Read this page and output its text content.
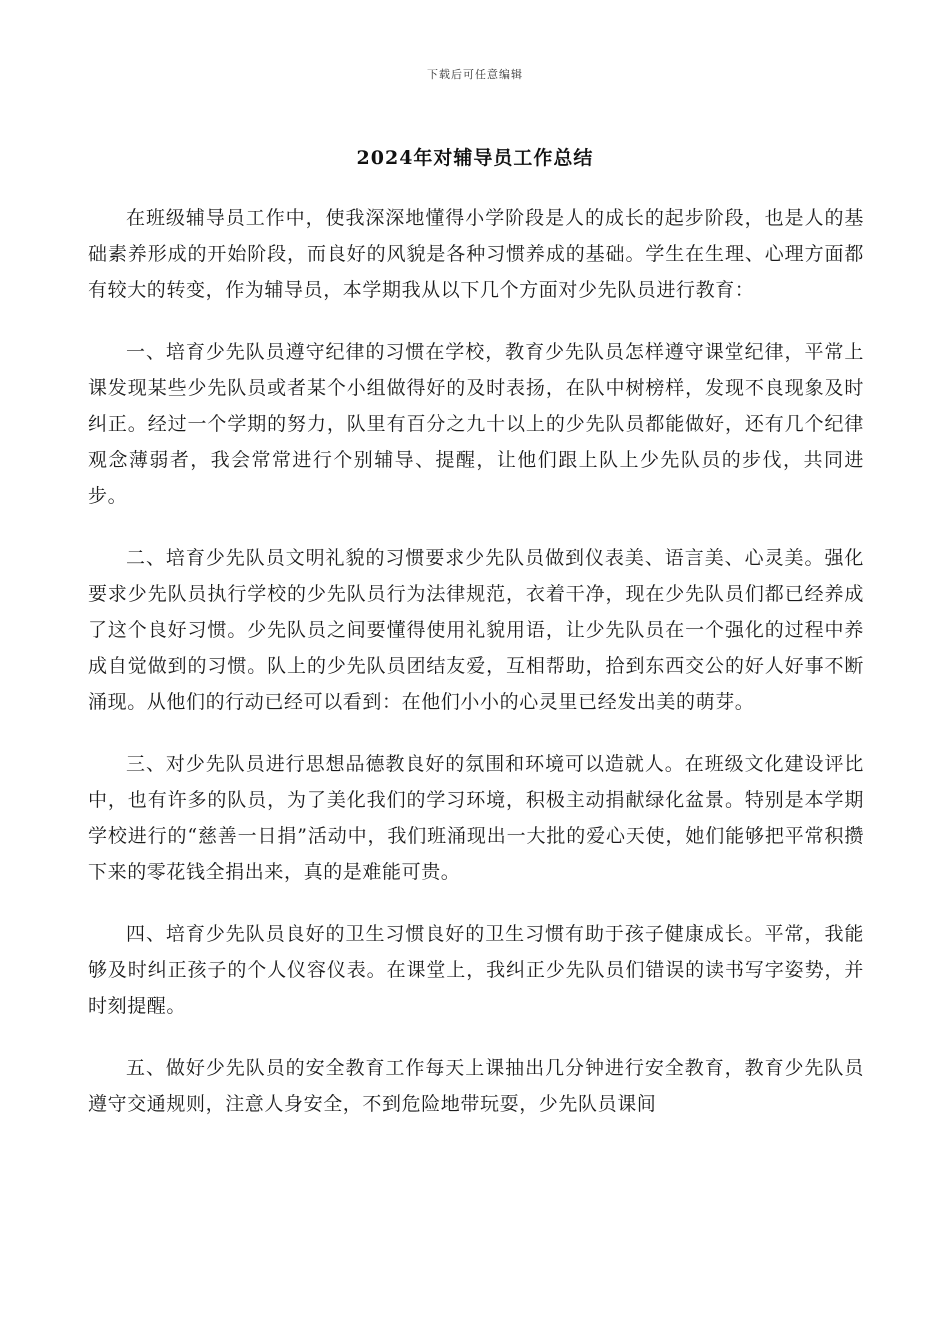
下载后可任意编辑
2024年对辅导员工作总结

在班级辅导员工作中，使我深深地懂得小学阶段是人的成长的起步阶段，也是人的基础素养形成的开始阶段，而良好的风貌是各种习惯养成的基础。学生在生理、心理方面都有较大的转变，作为辅导员，本学期我从以下几个方面对少先队员进行教育：

一、培育少先队员遵守纪律的习惯在学校，教育少先队员怎样遵守课堂纪律，平常上课发现某些少先队员或者某个小组做得好的及时表扬，在队中树榜样，发现不良现象及时纠正。经过一个学期的努力，队里有百分之九十以上的少先队员都能做好，还有几个纪律观念薄弱者，我会常常进行个别辅导、提醒，让他们跟上队上少先队员的步伐，共同进步。

二、培育少先队员文明礼貌的习惯要求少先队员做到仪表美、语言美、心灵美。强化要求少先队员执行学校的少先队员行为法律规范，衣着干净，现在少先队员们都已经养成了这个良好习惯。少先队员之间要懂得使用礼貌用语，让少先队员在一个强化的过程中养成自觉做到的习惯。队上的少先队员团结友爱，互相帮助，拾到东西交公的好人好事不断涌现。从他们的行动已经可以看到：在他们小小的心灵里已经发出美的萌芽。

三、对少先队员进行思想品德教良好的氛围和环境可以造就人。在班级文化建设评比中，也有许多的队员，为了美化我们的学习环境，积极主动捐献绿化盆景。特别是本学期学校进行的“慈善一日捐”活动中，我们班涌现出一大批的爱心天使，她们能够把平常积攒下来的零花钱全捐出来，真的是难能可贵。

四、培育少先队员良好的卫生习惯良好的卫生习惯有助于孩子健康成长。平常，我能够及时纠正孩子的个人仪容仪表。在课堂上，我纠正少先队员们错误的读书写字姿势，并时刻提醒。

五、做好少先队员的安全教育工作每天上课抽出几分钟进行安全教育，教育少先队员遵守交通规则，注意人身安全，不到危险地带玩耍，少先队员课间
